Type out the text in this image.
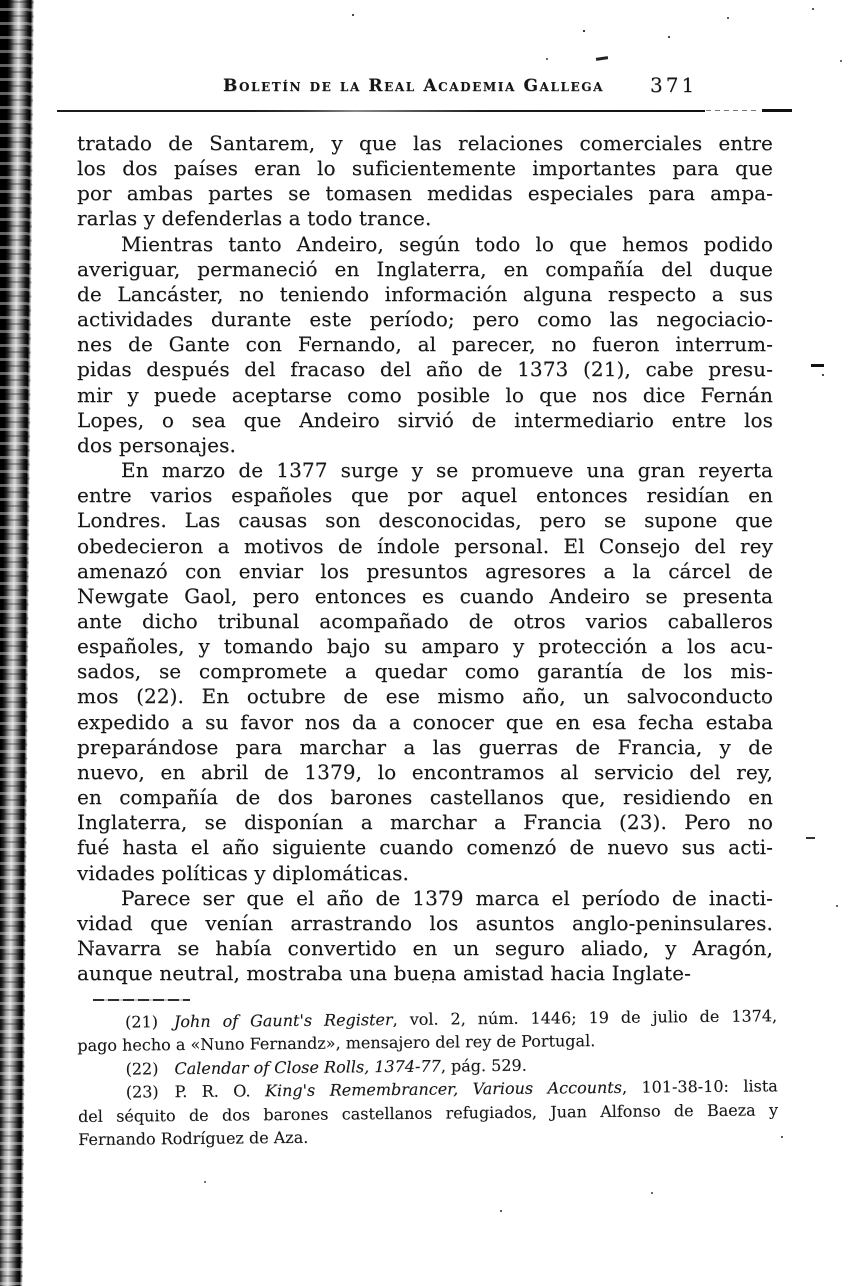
Boletín de la Real Academia Gallega 371
tratado de Santarem, y que las relaciones comerciales entre
los dos países eran lo suficientemente importantes para que
por ambas partes se tomasen medidas especiales para ampa-
rarlas y defenderlas a todo trance.
Mientras tanto Andeiro, según todo lo que hemos podido
averiguar, permaneció en Inglaterra, en compañía del duque
de Lancáster, no teniendo información alguna respecto a sus
actividades durante este período; pero como las negociacio-
nes de Gante con Fernando, al parecer, no fueron interrum-
pidas después del fracaso del año de 1373 (21), cabe presu-
mir y puede aceptarse como posible lo que nos dice Fernán
Lopes, o sea que Andeiro sirvió de intermediario entre los
dos personajes.
En marzo de 1377 surge y se promueve una gran reyerta
entre varios españoles que por aquel entonces residían en
Londres. Las causas son desconocidas, pero se supone que
obedecieron a motivos de índole personal. El Consejo del rey
amenazó con enviar los presuntos agresores a la cárcel de
Newgate Gaol, pero entonces es cuando Andeiro se presenta
ante dicho tribunal acompañado de otros varios caballeros
españoles, y tomando bajo su amparo y protección a los acu-
sados, se compromete a quedar como garantía de los mis-
mos (22). En octubre de ese mismo año, un salvoconducto
expedido a su favor nos da a conocer que en esa fecha estaba
preparándose para marchar a las guerras de Francia, y de
nuevo, en abril de 1379, lo encontramos al servicio del rey,
en compañía de dos barones castellanos que, residiendo en
Inglaterra, se disponían a marchar a Francia (23). Pero no
fué hasta el año siguiente cuando comenzó de nuevo sus acti-
vidades políticas y diplomáticas.
Parece ser que el año de 1379 marca el período de inacti-
vidad que venían arrastrando los asuntos anglo-peninsulares.
Navarra se había convertido en un seguro aliado, y Aragón,
aunque neutral, mostraba una buena amistad hacia Inglate-
(21) John of Gaunt's Register, vol. 2, núm. 1446; 19 de julio de 1374,
pago hecho a «Nuno Fernandz», mensajero del rey de Portugal.
(22) Calendar of Close Rolls, 1374-77, pág. 529.
(23) P. R. O. King's Remembrancer, Various Accounts, 101-38-10: lista
del séquito de dos barones castellanos refugiados, Juan Alfonso de Baeza y
Fernando Rodríguez de Aza.
